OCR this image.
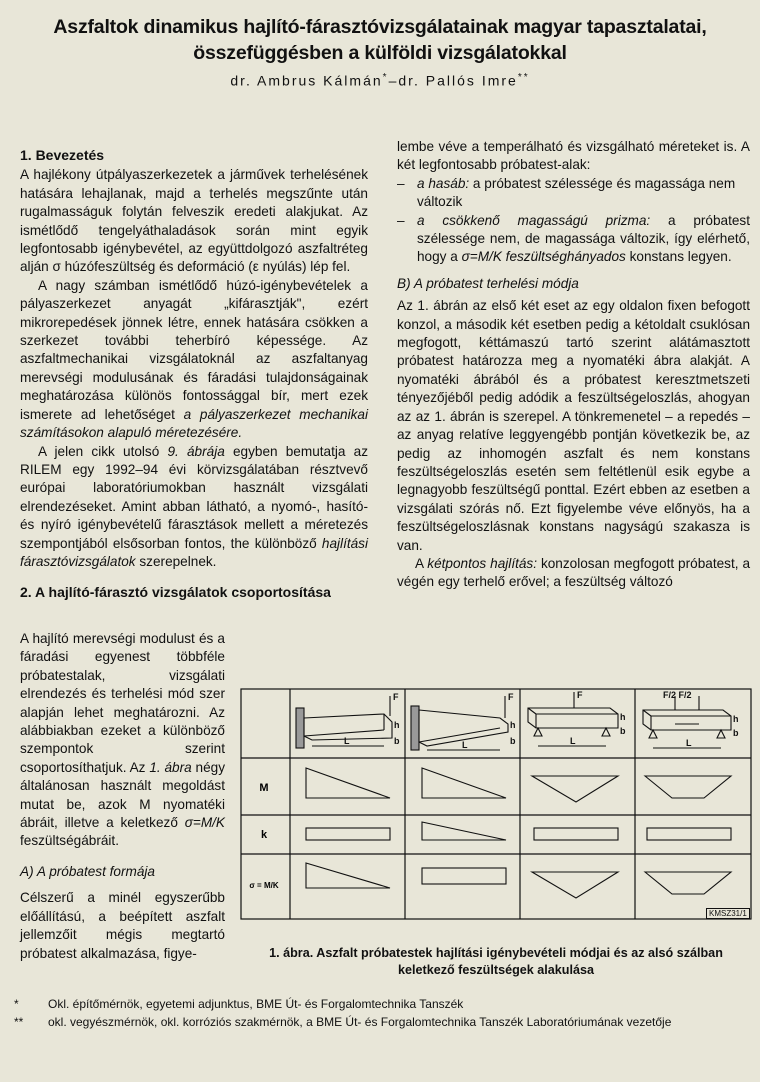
Aszfaltok dinamikus hajlító-fárasztóvizsgálatainak magyar tapasztalatai,
összefüggésben a külföldi vizsgálatokkal
dr. Ambrus Kálmán*–dr. Pallós Imre**
1. Bevezetés

A hajlékony útpályaszerkezetek a járművek terhelésének hatására lehajlanak, majd a terhelés megszűnte után rugalmasságuk folytán felveszik eredeti alakjukat. Az ismétlődő tengelyáthaladások során mint egyik legfontosabb igénybevétel, az együttdolgozó aszfaltréteg alján σ húzófeszültség és deformáció (ε nyúlás) lép fel.

A nagy számban ismétlődő húzó-igénybevételek a pályaszerkezet anyagát „kifárasztják", ezért mikrorepedések jönnek létre, ennek hatására csökken a szerkezet további teherbíró képessége. Az aszfaltmechanikai vizsgálatoknál az aszfaltanyag merevségi modulusának és fáradási tulajdonságainak meghatározása különös fontossággal bír, mert ezek ismerete ad lehetőséget a pályaszerkezet mechanikai számításokon alapuló méretezésére.

A jelen cikk utolsó 9. ábrája egyben bemutatja az RILEM egy 1992–94 évi körvizsgálatában résztvevő európai laboratóriumokban használt vizsgálati elrendezéseket. Amint abban látható, a nyomó-, hasító- és nyíró igénybevételű fárasztások mellett a méretezés szempontjából elsősorban fontos, the különböző hajlítási fárasztóvizsgálatok szerepelnek.

2. A hajlító-fárasztó vizsgálatok csoportosítása

A hajlító merevségi modulust és a fáradási egyenest többféle próbatestalak, vizsgálati elrendezés és terhelési mód szer alapján lehet meghatározni. Az alábbiakban ezeket a különböző szempontok szerint csoportosíthatjuk. Az 1. ábra négy általánosan használt megoldást mutat be, azok M nyomatéki ábráit, illetve a keletkező σ=M/K feszültségábráit.

A) A próbatest formája

Célszerű a minél egyszerűbb előállítású, a beépített aszfalt jellemzőit mégis megtartó próbatest alkalmazása, figye-

lembe véve a temperálható és vizsgálható méreteket is. A két legfontosabb próbatest-alak:

– a hasáb: a próbatest szélessége és magassága nem változik
– a csökkenő magasságú prizma: a próbatest szélessége nem, de magassága változik, így elérhető, hogy a σ=M/K feszültséghányados konstans legyen.
B) A próbatest terhelési módja

Az 1. ábrán az első két eset az egy oldalon fixen befogott konzol, a második két esetben pedig a kétoldalt csuklósan megfogott, kéttámaszú tartó szerint alátámasztott próbatest határozza meg a nyomatéki ábra alakját. A nyomatéki ábrából és a próbatest keresztmetszeti tényezőjéből pedig adódik a feszültségeloszlás, ahogyan az az 1. ábrán is szerepel. A tönkremenetel – a repedés – az anyag relatíve leggyengébb pontján következik be, az pedig az inhomogén aszfalt és nem konstans feszültségeloszlás esetén sem feltétlenül esik egybe a legnagyobb feszültségű ponttal. Ezért ebben az esetben a vizsgálati szórás nő. Ezt figyelembe véve előnyös, ha a feszültségeloszlásnak konstans nagyságú szakasza is van.

A kétpontos hajlítás: konzolosan megfogott próbatest, a végén egy terhelő erővel; a feszültség változó

M
k
σ = M/K
F	F	F	F/2 F/2
L	L	L	L
h
b
h
b
h
b
h
b
KMSZ31/1
1. ábra. Aszfalt próbatestek hajlítási igénybevételi módjai és az alsó szálban
keletkező feszültségek alakulása
*	Okl. építőmérnök, egyetemi adjunktus, BME Út- és Forgalomtechnika Tanszék
**	okl. vegyészmérnök, okl. korróziós szakmérnök, a BME Út- és Forgalomtechnika Tanszék Laboratóriumának vezetője
